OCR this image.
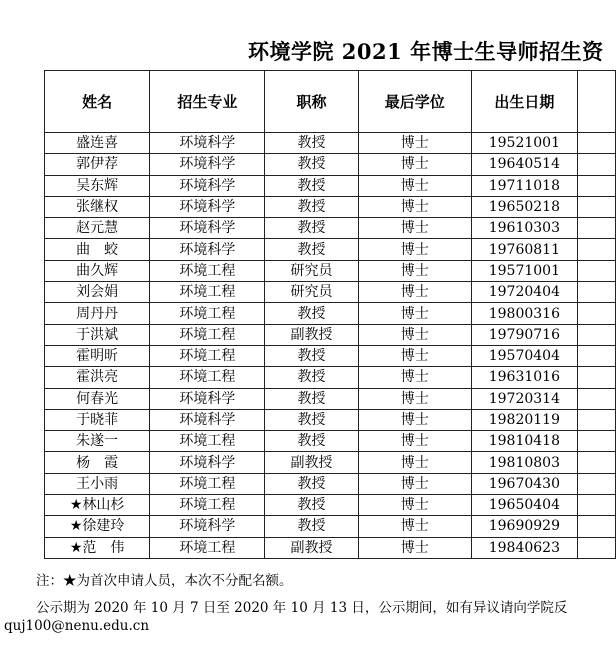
环境学院 2021 年博士生导师招生资
姓名	招生专业	职称	最后学位	出生日期	
盛连喜	环境科学	教授	博士	19521001	
郭伊荐	环境科学	教授	博士	19640514	
吴东辉	环境科学	教授	博士	19711018	
张继权	环境科学	教授	博士	19650218	
赵元慧	环境科学	教授	博士	19610303	
曲　蛟	环境科学	教授	博士	19760811	
曲久辉	环境工程	研究员	博士	19571001	
刘会娟	环境工程	研究员	博士	19720404	
周丹丹	环境工程	教授	博士	19800316	
于洪斌	环境工程	副教授	博士	19790716	
霍明昕	环境工程	教授	博士	19570404	
霍洪亮	环境工程	教授	博士	19631016	
何春光	环境科学	教授	博士	19720314	
于晓菲	环境科学	教授	博士	19820119	
朱遂一	环境工程	教授	博士	19810418	
杨　霞	环境科学	副教授	博士	19810803	
王小雨	环境工程	教授	博士	19670430	
★林山杉	环境工程	教授	博士	19650404	
★徐建玲	环境科学	教授	博士	19690929	
★范　伟	环境工程	副教授	博士	19840623	
注：★为首次申请人员，本次不分配名额。
公示期为 2020 年 10 月 7 日至 2020 年 10 月 13 日，公示期间，如有异议请向学院反
quj100@nenu.edu.cn
